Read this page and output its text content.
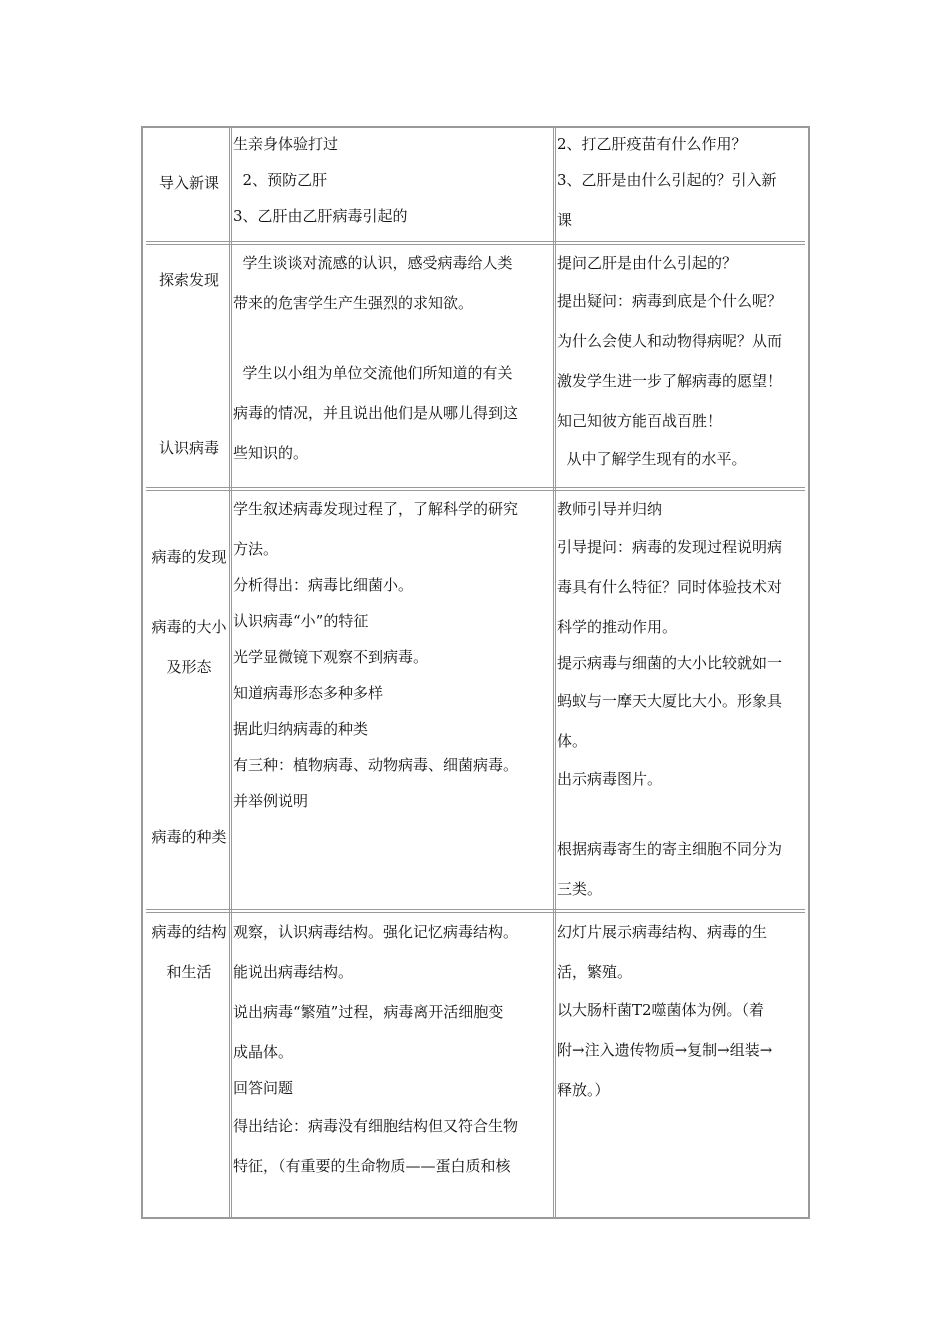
导入新课

生亲身体验打过

2、预防乙肝

3、乙肝由乙肝病毒引起的

2、打乙肝疫苗有什么作用？

3、乙肝是由什么引起的？引入新

课

探索发现

认识病毒

学生谈谈对流感的认识，感受病毒给人类

带来的危害学生产生强烈的求知欲。

学生以小组为单位交流他们所知道的有关

病毒的情况，并且说出他们是从哪儿得到这

些知识的。

提问乙肝是由什么引起的？

提出疑问：病毒到底是个什么呢？

为什么会使人和动物得病呢？从而

激发学生进一步了解病毒的愿望！

知己知彼方能百战百胜！

从中了解学生现有的水平。

病毒的发现

病毒的大小

及形态

病毒的种类

学生叙述病毒发现过程了，了解科学的研究

方法。

分析得出：病毒比细菌小。

认识病毒“小”的特征

光学显微镜下观察不到病毒。

知道病毒形态多种多样

据此归纳病毒的种类

有三种：植物病毒、动物病毒、细菌病毒。

并举例说明

教师引导并归纳

引导提问：病毒的发现过程说明病

毒具有什么特征？同时体验技术对

科学的推动作用。

提示病毒与细菌的大小比较就如一

蚂蚁与一摩天大厦比大小。形象具

体。

出示病毒图片。

根据病毒寄生的寄主细胞不同分为

三类。

病毒的结构

和生活

观察，认识病毒结构。强化记忆病毒结构。

能说出病毒结构。

说出病毒“繁殖”过程，病毒离开活细胞变

成晶体。

回答问题

得出结论：病毒没有细胞结构但又符合生物

特征，（有重要的生命物质——蛋白质和核

幻灯片展示病毒结构、病毒的生

活，繁殖。

以大肠杆菌T2噬菌体为例。（着

附→注入遗传物质→复制→组装→

释放。）
